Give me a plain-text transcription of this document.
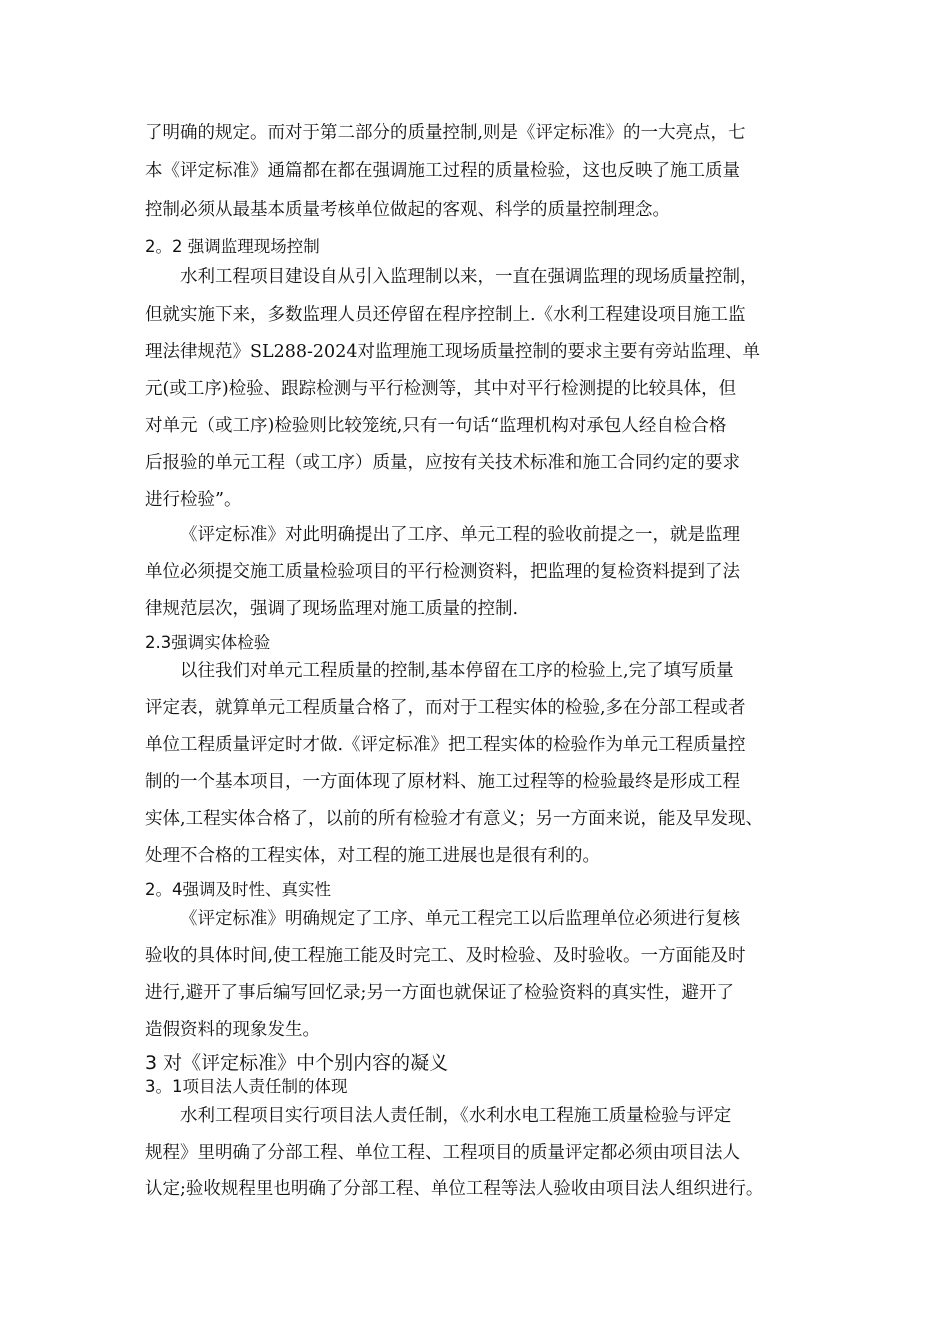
了明确的规定。而对于第二部分的质量控制,则是《评定标准》的一大亮点，七
本《评定标准》通篇都在都在强调施工过程的质量检验，这也反映了施工质量
控制必须从最基本质量考核单位做起的客观、科学的质量控制理念。
2。2 强调监理现场控制
水利工程项目建设自从引入监理制以来，一直在强调监理的现场质量控制，
但就实施下来，多数监理人员还停留在程序控制上.《水利工程建设项目施工监
理法律规范》SL288-2024对监理施工现场质量控制的要求主要有旁站监理、单
元(或工序)检验、跟踪检测与平行检测等，其中对平行检测提的比较具体，但
对单元（或工序)检验则比较笼统,只有一句话“监理机构对承包人经自检合格
后报验的单元工程（或工序）质量，应按有关技术标准和施工合同约定的要求
进行检验”。
《评定标准》对此明确提出了工序、单元工程的验收前提之一，就是监理
单位必须提交施工质量检验项目的平行检测资料，把监理的复检资料提到了法
律规范层次，强调了现场监理对施工质量的控制.
2.3强调实体检验
以往我们对单元工程质量的控制,基本停留在工序的检验上,完了填写质量
评定表，就算单元工程质量合格了，而对于工程实体的检验,多在分部工程或者
单位工程质量评定时才做.《评定标准》把工程实体的检验作为单元工程质量控
制的一个基本项目，一方面体现了原材料、施工过程等的检验最终是形成工程
实体,工程实体合格了，以前的所有检验才有意义；另一方面来说，能及早发现、
处理不合格的工程实体，对工程的施工进展也是很有利的。
2。4强调及时性、真实性
《评定标准》明确规定了工序、单元工程完工以后监理单位必须进行复核
验收的具体时间,使工程施工能及时完工、及时检验、及时验收。一方面能及时
进行,避开了事后编写回忆录;另一方面也就保证了检验资料的真实性，避开了
造假资料的现象发生。
3 对《评定标准》中个别内容的凝义
3。1项目法人责任制的体现
水利工程项目实行项目法人责任制，《水利水电工程施工质量检验与评定
规程》里明确了分部工程、单位工程、工程项目的质量评定都必须由项目法人
认定;验收规程里也明确了分部工程、单位工程等法人验收由项目法人组织进行。
